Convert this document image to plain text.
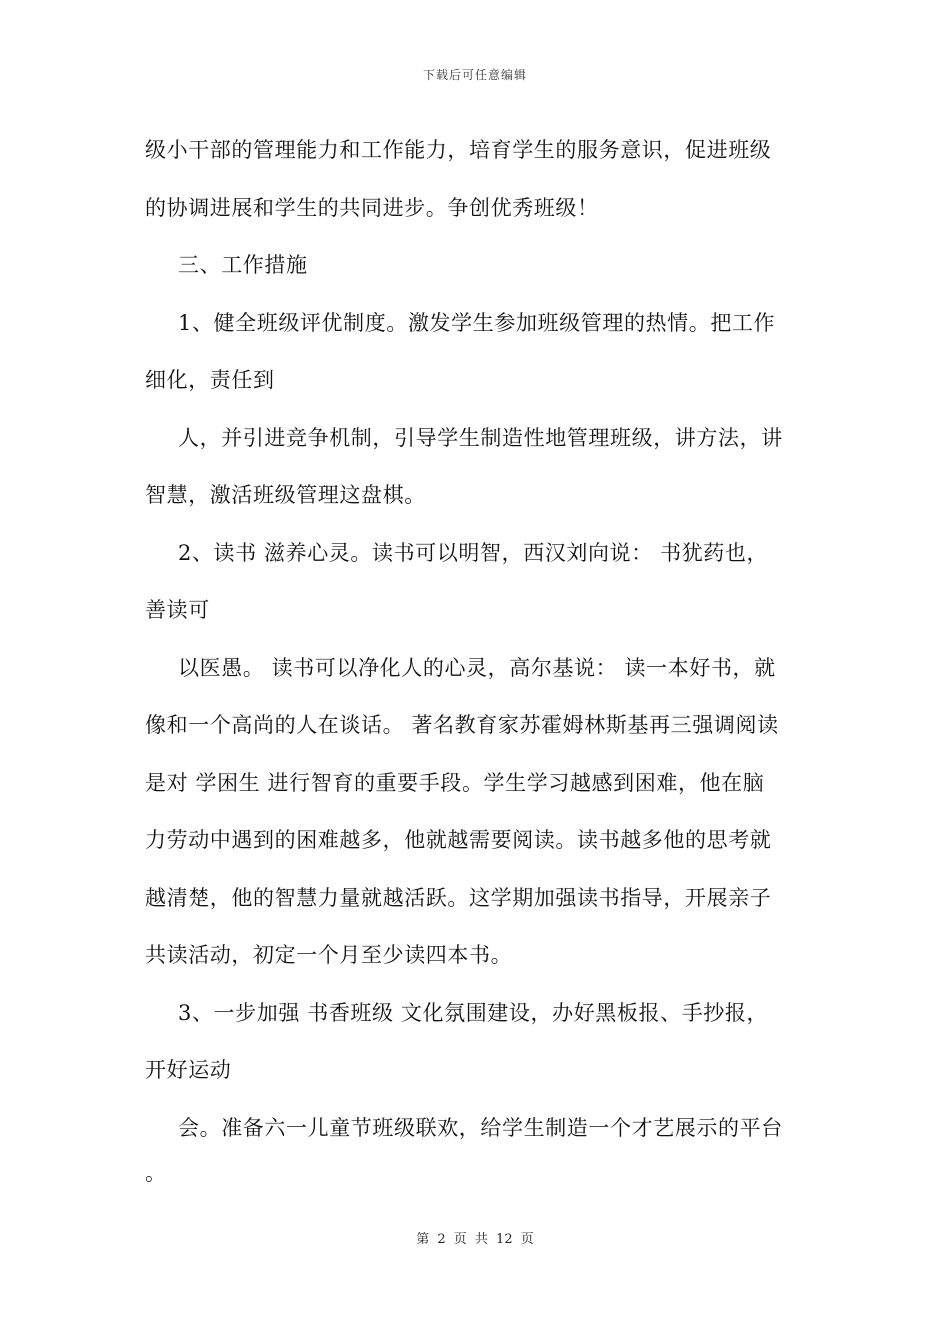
下载后可任意编辑
级小干部的管理能力和工作能力，培育学生的服务意识，促进班级
的协调进展和学生的共同进步。争创优秀班级！
三、工作措施
1、健全班级评优制度。激发学生参加班级管理的热情。把工作
细化，责任到
人，并引进竞争机制，引导学生制造性地管理班级，讲方法，讲
智慧，激活班级管理这盘棋。
2、读书 滋养心灵。读书可以明智，西汉刘向说： 书犹药也，
善读可
以医愚。 读书可以净化人的心灵，高尔基说： 读一本好书，就
像和一个高尚的人在谈话。 著名教育家苏霍姆林斯基再三强调阅读
是对 学困生 进行智育的重要手段。学生学习越感到困难，他在脑
力劳动中遇到的困难越多，他就越需要阅读。读书越多他的思考就
越清楚，他的智慧力量就越活跃。这学期加强读书指导，开展亲子
共读活动，初定一个月至少读四本书。
3、一步加强 书香班级 文化氛围建设，办好黑板报、手抄报，
开好运动
会。准备六一儿童节班级联欢，给学生制造一个才艺展示的平台
。
第 2 页 共 12 页
